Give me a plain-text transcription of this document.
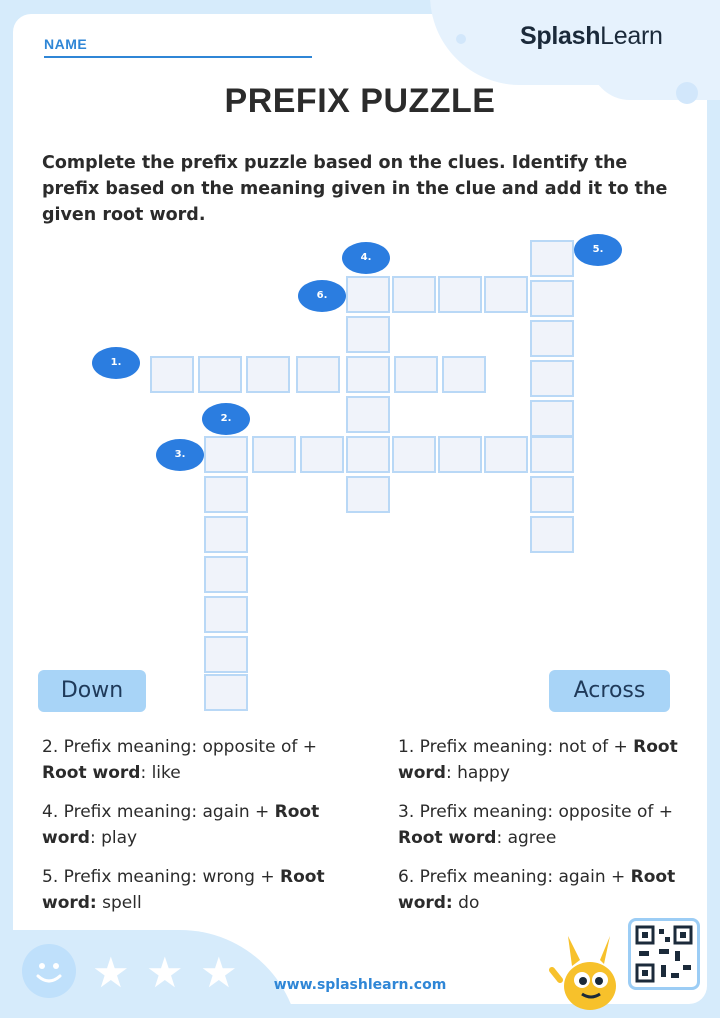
NAME	SplashLearn
PREFIX PUZZLE
Complete the prefix puzzle based on the clues. Identify the prefix based on the meaning given in the clue and add it to the given root word.
4.
5.
6.
1.
2.
3.
Down	Across
2. Prefix meaning: opposite of + Root word: like
4. Prefix meaning: again + Root word: play
5. Prefix meaning: wrong + Root word: spell
1. Prefix meaning: not of + Root word: happy
3. Prefix meaning: opposite of + Root word: agree
6. Prefix meaning: again + Root word: do
★ ★ ★	www.splashlearn.com
